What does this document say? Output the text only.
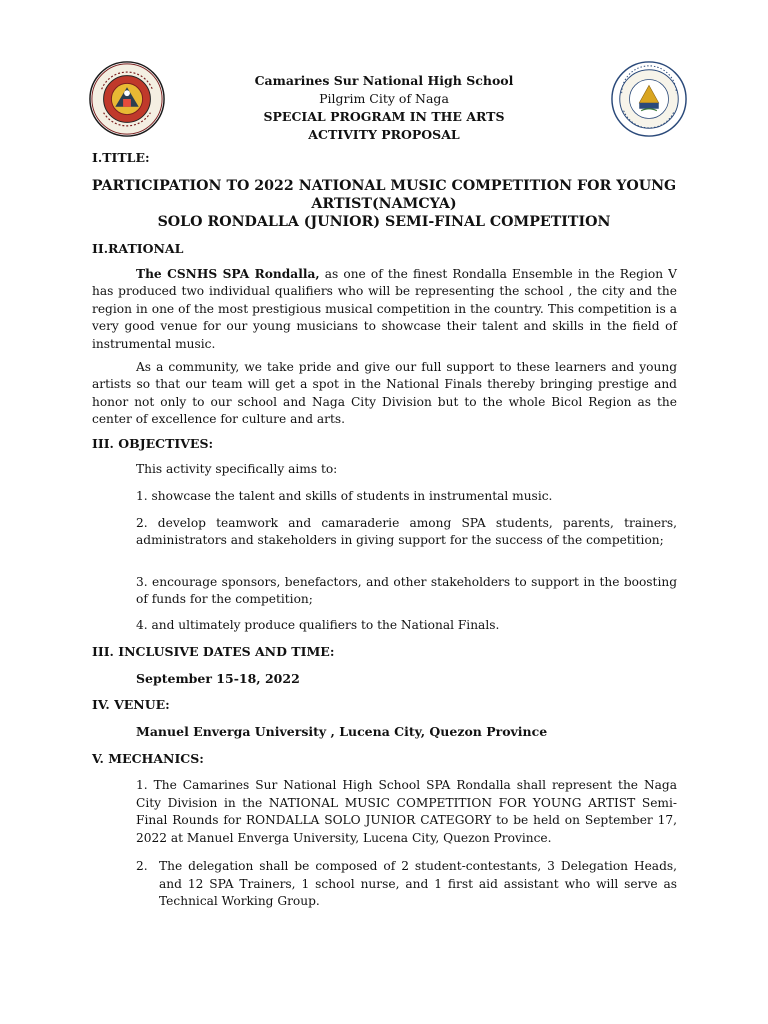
Camarines Sur National High School
Pilgrim City of Naga
SPECIAL PROGRAM IN THE ARTS
ACTIVITY PROPOSAL
I.TITLE:
PARTICIPATION TO 2022 NATIONAL MUSIC COMPETITION FOR YOUNG
ARTIST(NAMCYA)
SOLO RONDALLA (JUNIOR) SEMI-FINAL COMPETITION
II.RATIONAL

The CSNHS SPA Rondalla, as one of the finest Rondalla Ensemble in the Region V has produced two individual qualifiers who will be representing the school , the city and the region in one of the most prestigious musical competition in the country. This competition is a very good venue for our young musicians to showcase their talent and skills in the field of instrumental music.

As a community, we take pride and give our full support to these learners and young artists so that our team will get a spot in the National Finals thereby bringing prestige and honor not only to our school and Naga City Division but to the whole Bicol Region as the center of excellence for culture and arts.

III. OBJECTIVES:
This activity specifically aims to:
1. showcase the talent and skills of students in instrumental music.
2. develop teamwork and camaraderie among SPA students, parents, trainers, administrators and stakeholders in giving support for the success of the competition;
3. encourage sponsors, benefactors, and other stakeholders to support in the boosting of funds for the competition;
4. and ultimately produce qualifiers to the National Finals.
III. INCLUSIVE DATES AND TIME:
September 15-18, 2022
IV. VENUE:
Manuel Enverga University , Lucena City, Quezon Province
V. MECHANICS:
1. The Camarines Sur National High School SPA Rondalla shall represent the Naga City Division in the NATIONAL MUSIC COMPETITION FOR YOUNG ARTIST Semi-Final Rounds for RONDALLA SOLO JUNIOR CATEGORY to be held on September 17, 2022 at Manuel Enverga University, Lucena City, Quezon Province.
2. The delegation shall be composed of 2 student-contestants, 3 Delegation Heads, and 12 SPA Trainers, 1 school nurse, and 1 first aid assistant who will serve as Technical Working Group.
